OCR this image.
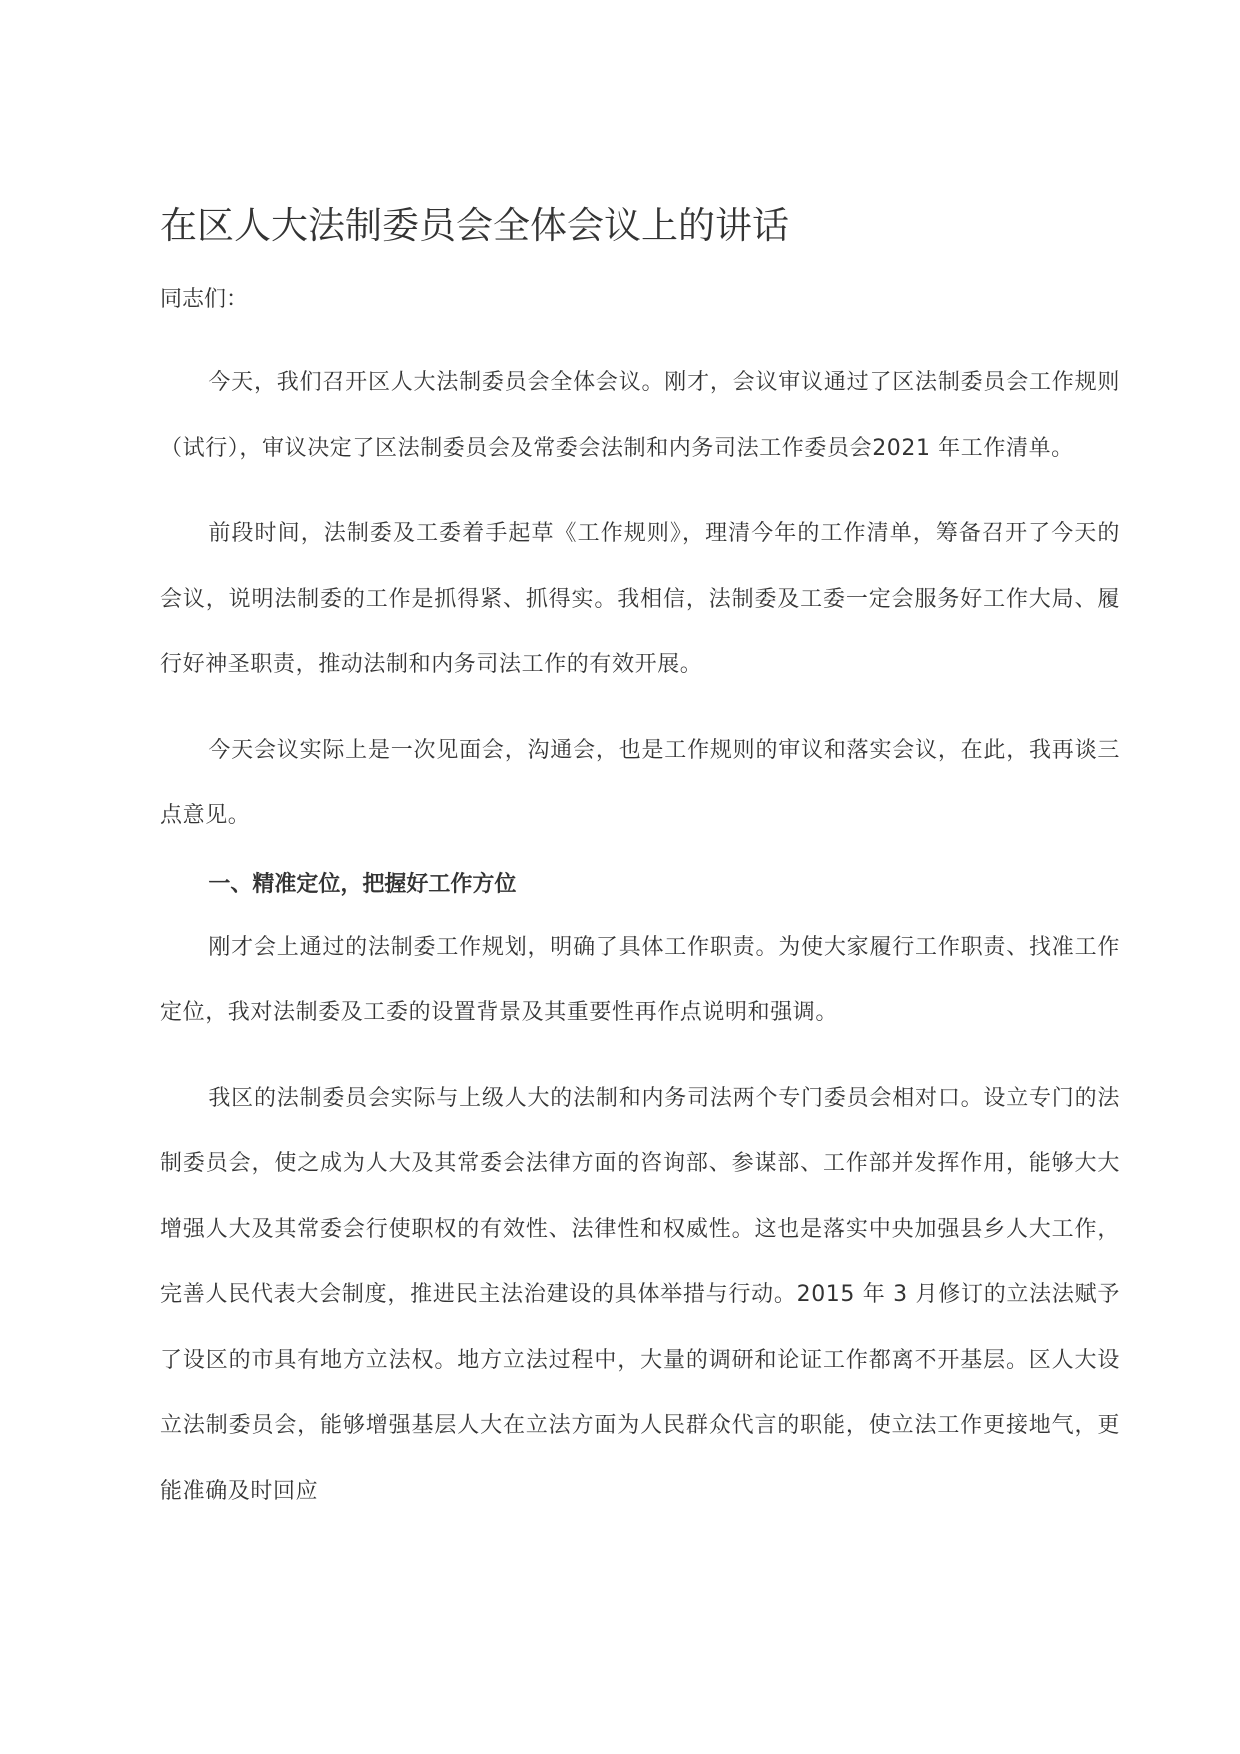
在区人大法制委员会全体会议上的讲话

同志们：

今天，我们召开区人大法制委员会全体会议。刚才，会议审议通过了区法制委员会工作规则（试行），审议决定了区法制委员会及常委会法制和内务司法工作委员会2021 年工作清单。

前段时间，法制委及工委着手起草《工作规则》，理清今年的工作清单，筹备召开了今天的会议，说明法制委的工作是抓得紧、抓得实。我相信，法制委及工委一定会服务好工作大局、履行好神圣职责，推动法制和内务司法工作的有效开展。

今天会议实际上是一次见面会，沟通会，也是工作规则的审议和落实会议，在此，我再谈三点意见。

一、精准定位，把握好工作方位

刚才会上通过的法制委工作规划，明确了具体工作职责。为使大家履行工作职责、找准工作定位，我对法制委及工委的设置背景及其重要性再作点说明和强调。

我区的法制委员会实际与上级人大的法制和内务司法两个专门委员会相对口。设立专门的法制委员会，使之成为人大及其常委会法律方面的咨询部、参谋部、工作部并发挥作用，能够大大增强人大及其常委会行使职权的有效性、法律性和权威性。这也是落实中央加强县乡人大工作，完善人民代表大会制度，推进民主法治建设的具体举措与行动。2015 年 3 月修订的立法法赋予了设区的市具有地方立法权。地方立法过程中，大量的调研和论证工作都离不开基层。区人大设立法制委员会，能够增强基层人大在立法方面为人民群众代言的职能，使立法工作更接地气，更能准确及时回应
